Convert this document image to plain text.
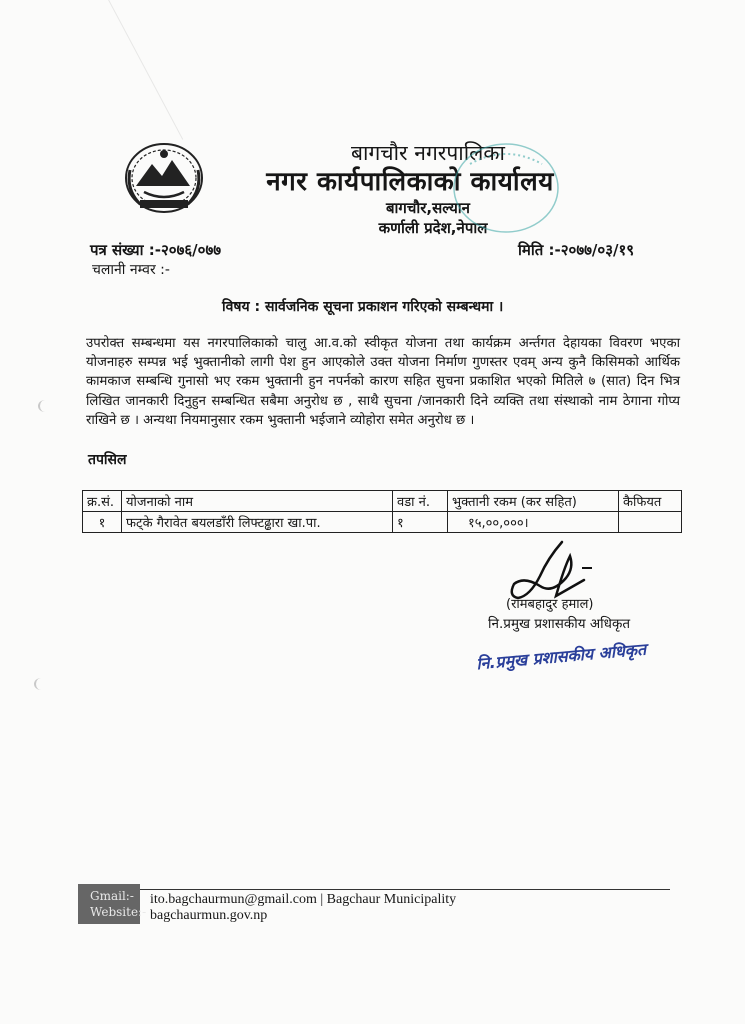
बागचौर नगरपालिका
नगर कार्यपालिकाको कार्यालय
बागचौर,सल्यान
कर्णाली प्रदेश,नेपाल
पत्र संख्या :-२०७६/०७७
चलानी नम्वर :-
मिति :-२०७७/०३/१९
विषय : सार्वजनिक सूचना प्रकाशन गरिएको सम्बन्धमा ।
उपरोक्त सम्बन्धमा यस नगरपालिकाको चालु आ.व.को स्वीकृत योजना तथा कार्यक्रम अर्न्तगत देहायका विवरण भएका योजनाहरु सम्पन्न भई भुक्तानीको लागी पेश हुन आएकोले उक्त योजना निर्माण गुणस्तर एवम् अन्य कुनै किसिमको आर्थिक कामकाज सम्बन्धि गुनासो भए रकम भुक्तानी हुन नपर्नको कारण सहित सुचना प्रकाशित भएको मितिले ७ (सात) दिन भित्र लिखित जानकारी दिनुहुन सम्बन्धित सबैमा अनुरोध छ , साथै सुचना /जानकारी दिने व्यक्ति तथा संस्थाको नाम ठेगाना गोप्य राखिने छ । अन्यथा नियमानुसार रकम भुक्तानी भईजाने व्योहोरा समेत अनुरोध छ ।
तपसिल
क्र.सं.	योजनाको नाम	वडा नं.	भुक्तानी रकम (कर सहित)	कैफियत
१	फट्के गैरावेत बयलडाँरी लिफ्टढ्ढारा खा.पा.	१	१५,००,०००।	
(रामबहादुर हमाल)
नि.प्रमुख प्रशासकीय अधिकृत
नि.प्रमुख प्रशासकीय अधिकृत
Gmail:-
Website:-
ito.bagchaurmun@gmail.com | Bagchaur Municipality
bagchaurmun.gov.np
